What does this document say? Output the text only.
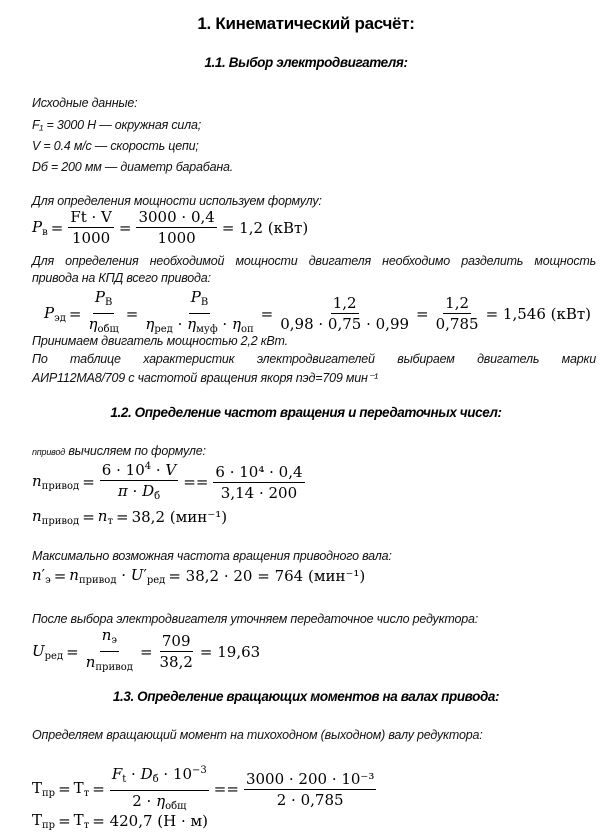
1. Кинематический расчёт:
1.1. Выбор электродвигателя:
Исходные данные:
F₁ = 3000 Н — окружная сила;
V = 0.4 м/с — скорость цепи;
Dб = 200 мм — диаметр барабана.
Для определения мощности используем формулу:
$P_в = \frac{Ft \cdot V}{1000} = \frac{3000 \cdot 0,4}{1000} = 1,2$ (кВт)
Для определения необходимой мощности двигателя необходимо разделить мощность
привода на КПД всего привода:
$P_{эд}$ =
$P_В$
$\eta_{общ}$
=
$P_В$
$\eta_{ред} \cdot \eta_{муф} \cdot \eta_{оп}$
= $\frac{1,2}{0,98 \cdot 0,75 \cdot 0,99} = \frac{1,2}{0,785} = 1,546$ (кВт)
Принимаем двигатель мощностью 2,2 кВт.
По таблице характеристик электродвигателей выбираем двигатель марки
АИР112МА8/709 с частотой вращения якоря nэд=709 мин⁻¹
1.2. Определение частот вращения и передаточных чисел:
nпривод вычисляем по формуле:
$n_{привод}$ =
$6 \cdot 10^4 \cdot V$
$\pi \cdot D_б$
== $\frac{\text{6 · 10⁴ · 0,4}}{3,14 \cdot 200}$
$n_{привод} = n_т = 38,2$ (мин⁻¹)
Максимально возможная частота вращения приводного вала:
$n'_э = n_{привод} \cdot U'_{ред} = 38,2 \cdot 20 = 764$ (мин⁻¹)
После выбора электродвигателя уточняем передаточное число редуктора:
$U_{ред}$ =
$n_э$
$n_{привод}$
= $\frac{709}{38,2} = 19,63$
1.3. Определение вращающих моментов на валах привода:
Определяем вращающий момент на тихоходном (выходном) валу редуктора:
$T_{пр} = T_т$ =
$F_t \cdot D_б \cdot 10^{-3}$
$2 \cdot \eta_{общ}$
== $\frac{\text{3000 · 200 · 10⁻³}}{2 \cdot 0,785}$
$T_{пр} = T_т = 420,7$ (Н · м)
